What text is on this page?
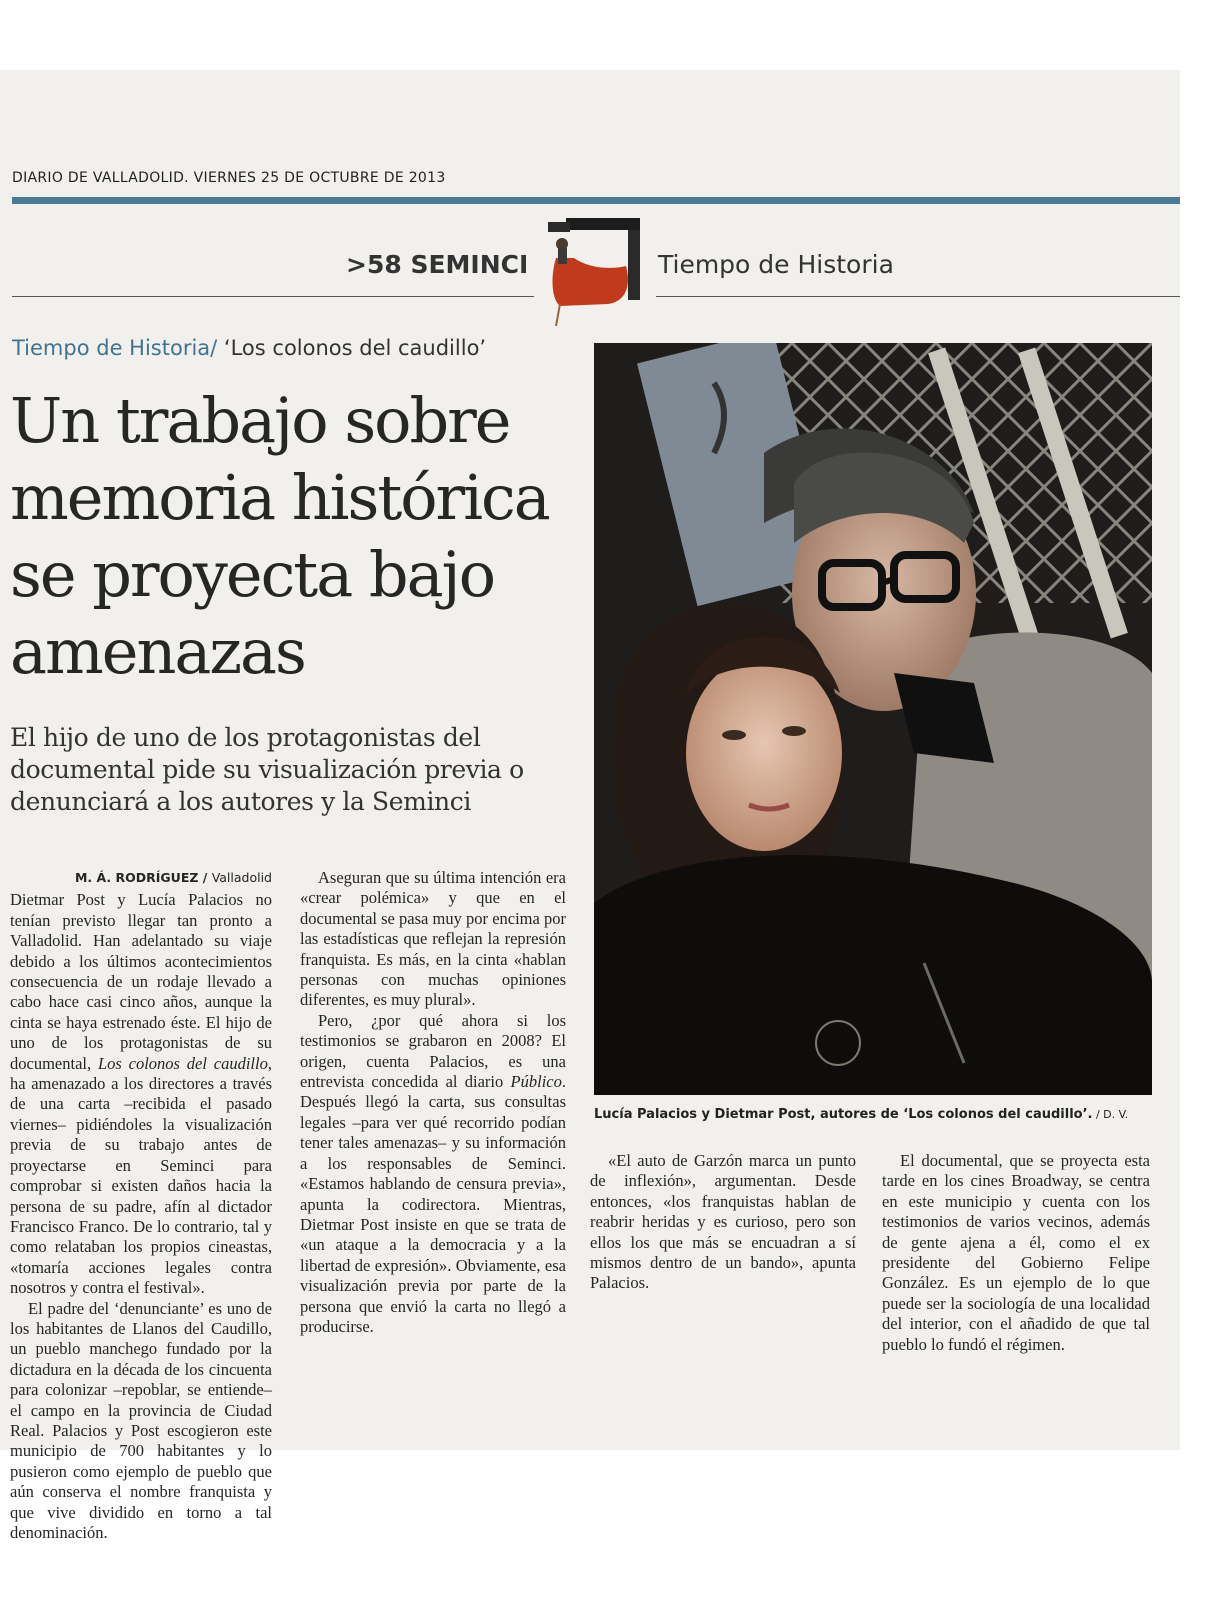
DIARIO DE VALLADOLID. VIERNES 25 DE OCTUBRE DE 2013
>58 SEMINCI	Tiempo de Historia
Tiempo de Historia/ ‘Los colonos del caudillo’
Un trabajo sobre memoria histórica se proyecta bajo amenazas
El hijo de uno de los protagonistas del documental pide su visualización previa o denunciará a los autores y la Seminci
Lucía Palacios y Dietmar Post, autores de ‘Los colonos del caudillo’. / D. V.
M. Á. RODRÍGUEZ / Valladolid

Dietmar Post y Lucía Palacios no tenían previsto llegar tan pronto a Valladolid. Han adelantado su viaje debido a los últimos acontecimientos consecuencia de un rodaje llevado a cabo hace casi cinco años, aunque la cinta se haya estrenado éste. El hijo de uno de los protagonistas de su documental, Los colonos del caudillo, ha amenazado a los directores a través de una carta –recibida el pasado viernes– pidiéndoles la visualización previa de su trabajo antes de proyectarse en Seminci para comprobar si existen daños hacia la persona de su padre, afín al dictador Francisco Franco. De lo contrario, tal y como relataban los propios cineastas, «tomaría acciones legales contra nosotros y contra el festival».

El padre del ‘denunciante’ es uno de los habitantes de Llanos del Caudillo, un pueblo manchego fundado por la dictadura en la década de los cincuenta para colonizar –repoblar, se entiende– el campo en la provincia de Ciudad Real. Palacios y Post escogieron este municipio de 700 habitantes y lo pusieron como ejemplo de pueblo que aún conserva el nombre franquista y que vive dividido en torno a tal denominación.

Aseguran que su última intención era «crear polémica» y que en el documental se pasa muy por encima por las estadísticas que reflejan la represión franquista. Es más, en la cinta «hablan personas con muchas opiniones diferentes, es muy plural».

Pero, ¿por qué ahora si los testimonios se grabaron en 2008? El origen, cuenta Palacios, es una entrevista concedida al diario Público. Después llegó la carta, sus consultas legales –para ver qué recorrido podían tener tales amenazas– y su información a los responsables de Seminci. «Estamos hablando de censura previa», apunta la codirectora. Mientras, Dietmar Post insiste en que se trata de «un ataque a la democracia y a la libertad de expresión». Obviamente, esa visualización previa por parte de la persona que envió la carta no llegó a producirse.

«El auto de Garzón marca un punto de inflexión», argumentan. Desde entonces, «los franquistas hablan de reabrir heridas y es curioso, pero son ellos los que más se encuadran a sí mismos dentro de un bando», apunta Palacios.

El documental, que se proyecta esta tarde en los cines Broadway, se centra en este municipio y cuenta con los testimonios de varios vecinos, además de gente ajena a él, como el ex presidente del Gobierno Felipe González. Es un ejemplo de lo que puede ser la sociología de una localidad del interior, con el añadido de que tal pueblo lo fundó el régimen.
